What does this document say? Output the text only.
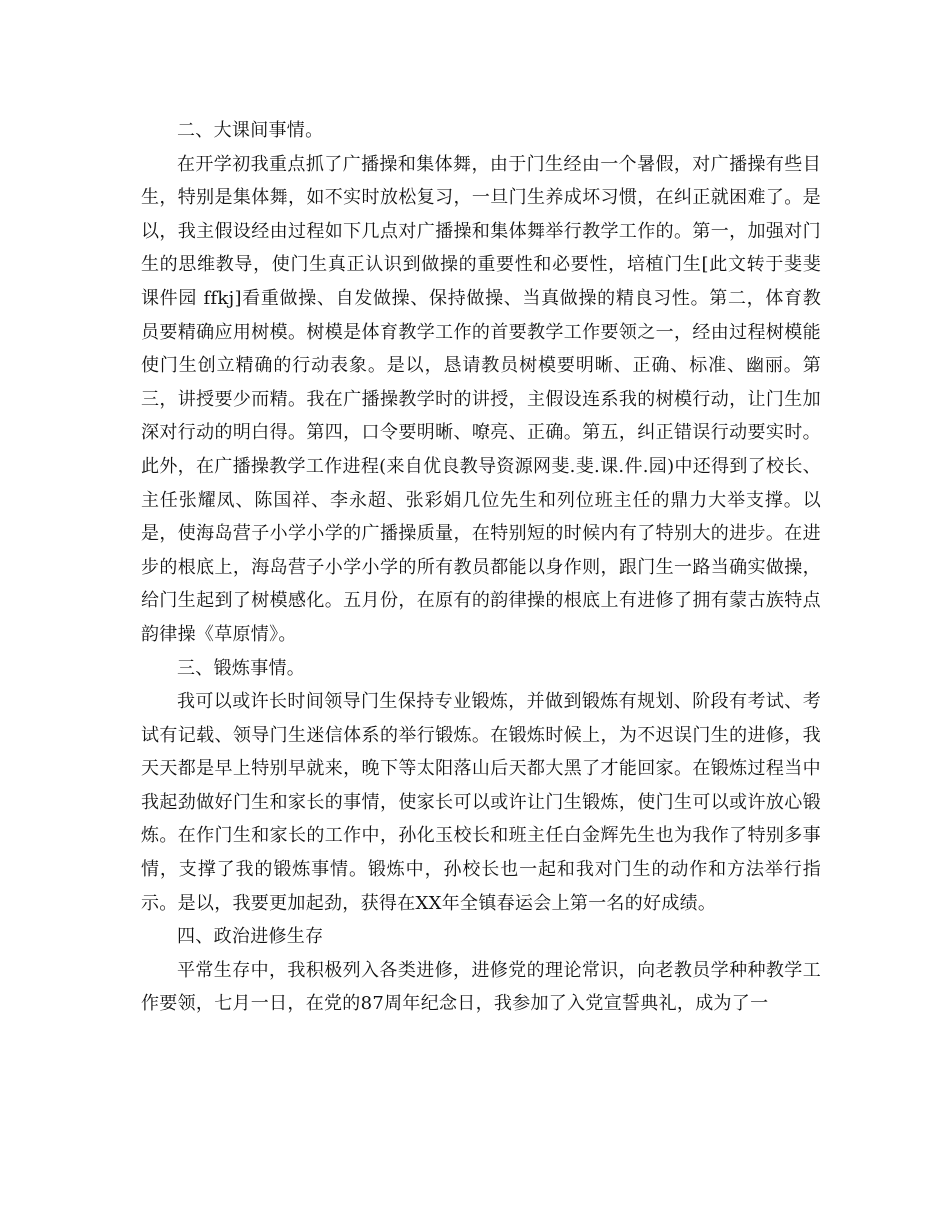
二、大课间事情。

在开学初我重点抓了广播操和集体舞，由于门生经由一个暑假，对广播操有些目生，特别是集体舞，如不实时放松复习，一旦门生养成坏习惯，在纠正就困难了。是以，我主假设经由过程如下几点对广播操和集体舞举行教学工作的。第一，加强对门生的思维教导，使门生真正认识到做操的重要性和必要性，培植门生[此文转于斐斐课件园 ffkj]看重做操、自发做操、保持做操、当真做操的精良习性。第二，体育教员要精确应用树模。树模是体育教学工作的首要教学工作要领之一，经由过程树模能使门生创立精确的行动表象。是以，恳请教员树模要明晰、正确、标准、幽丽。第三，讲授要少而精。我在广播操教学时的讲授，主假设连系我的树模行动，让门生加深对行动的明白得。第四，口令要明晰、嘹亮、正确。第五，纠正错误行动要实时。此外，在广播操教学工作进程(来自优良教导资源网斐.斐.课.件.园)中还得到了校长、主任张耀凤、陈国祥、李永超、张彩娟几位先生和列位班主任的鼎力大举支撑。以是，使海岛营子小学小学的广播操质量，在特别短的时候内有了特别大的进步。在进步的根底上，海岛营子小学小学的所有教员都能以身作则，跟门生一路当确实做操，给门生起到了树模感化。五月份，在原有的韵律操的根底上有进修了拥有蒙古族特点韵律操《草原情》。

三、锻炼事情。

我可以或许长时间领导门生保持专业锻炼，并做到锻炼有规划、阶段有考试、考试有记载、领导门生迷信体系的举行锻炼。在锻炼时候上，为不迟误门生的进修，我天天都是早上特别早就来，晚下等太阳落山后天都大黑了才能回家。在锻炼过程当中我起劲做好门生和家长的事情，使家长可以或许让门生锻炼，使门生可以或许放心锻炼。在作门生和家长的工作中，孙化玉校长和班主任白金辉先生也为我作了特别多事情，支撑了我的锻炼事情。锻炼中，孙校长也一起和我对门生的动作和方法举行指示。是以，我要更加起劲，获得在XX年全镇春运会上第一名的好成绩。

四、政治进修生存

平常生存中，我积极列入各类进修，进修党的理论常识，向老教员学种种教学工作要领，七月一日，在党的87周年纪念日，我参加了入党宣誓典礼，成为了一
